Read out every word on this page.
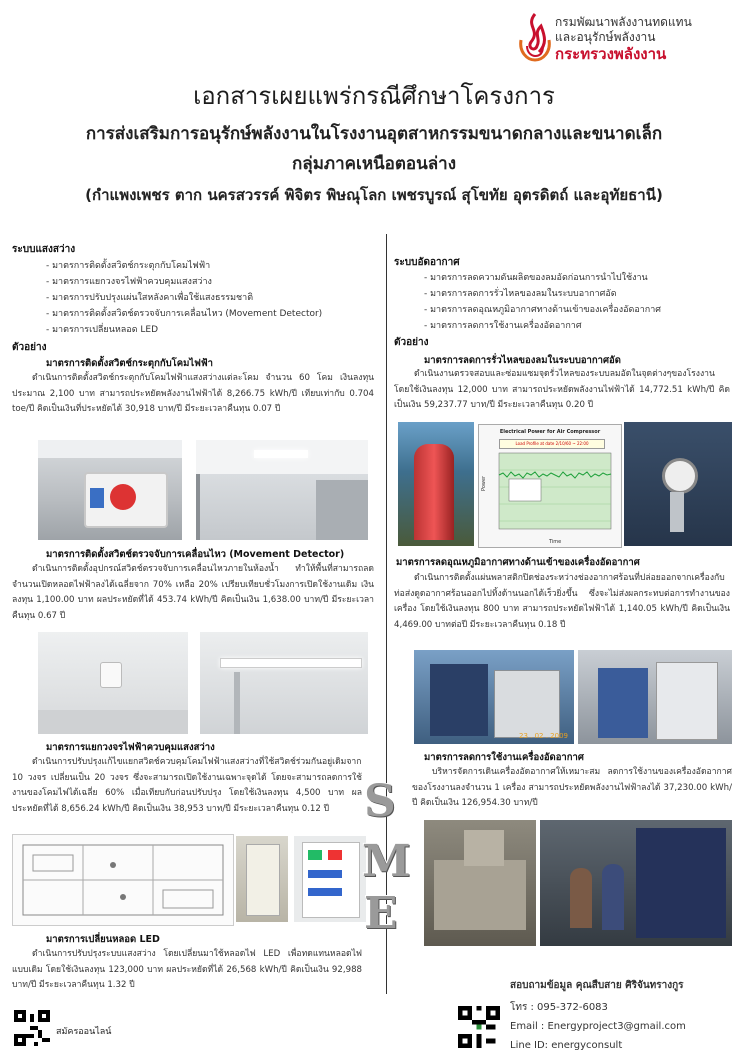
กรมพัฒนาพลังงานทดแทน
และอนุรักษ์พลังงาน
กระทรวงพลังงาน
เอกสารเผยแพร่กรณีศึกษาโครงการ
การส่งเสริมการอนุรักษ์พลังงานในโรงงานอุตสาหกรรมขนาดกลางและขนาดเล็ก
กลุ่มภาคเหนือตอนล่าง
(กำแพงเพชร ตาก นครสวรรค์ พิจิตร พิษณุโลก เพชรบูรณ์ สุโขทัย อุตรดิตถ์ และอุทัยธานี)
ระบบแสงสว่าง
- มาตรการติดตั้งสวิตช์กระตุกกับโคมไฟฟ้า
- มาตรการแยกวงจรไฟฟ้าควบคุมแสงสว่าง
- มาตรการปรับปรุงแผ่นใสหลังคาเพื่อใช้แสงธรรมชาติ
- มาตรการติดตั้งสวิตช์ตรวจจับการเคลื่อนไหว (Movement Detector)
- มาตรการเปลี่ยนหลอด LED
ตัวอย่าง
มาตรการติดตั้งสวิตช์กระตุกกับโคมไฟฟ้า
ดำเนินการติดตั้งสวิตช์กระตุกกับโคมไฟฟ้าแสงสว่างแต่ละโคม จำนวน 60 โคม เงินลงทุนประมาณ 2,100 บาท สามารถประหยัดพลังงานไฟฟ้าได้ 8,266.75 kWh/ปี เทียบเท่ากับ 0.704 toe/ปี คิดเป็นเงินที่ประหยัดได้ 30,918 บาท/ปี มีระยะเวลาคืนทุน 0.07 ปี
มาตรการติดตั้งสวิตช์ตรวจจับการเคลื่อนไหว (Movement Detector)
ดำเนินการติดตั้งอุปกรณ์สวิตช์ตรวจจับการเคลื่อนไหวภายในห้องน้ำ ทำให้พื้นที่สามารถลดจำนวนเปิดหลอดไฟฟ้าลงได้เฉลี่ยจาก 70% เหลือ 20% เปรียบเทียบชั่วโมงการเปิดใช้งานเดิม เงินลงทุน 1,100.00 บาท ผลประหยัดที่ได้ 453.74 kWh/ปี คิดเป็นเงิน 1,638.00 บาท/ปี มีระยะเวลาคืนทุน 0.67 ปี
มาตรการแยกวงจรไฟฟ้าควบคุมแสงสว่าง
ดำเนินการปรับปรุงแก้ไขแยกสวิตช์ควบคุมโคมไฟฟ้าแสงสว่างที่ใช้สวิตช์ร่วมกันอยู่เดิมจาก 10 วงจร เปลี่ยนเป็น 20 วงจร ซึ่งจะสามารถเปิดใช้งานเฉพาะจุดได้ โดยจะสามารถลดการใช้งานของโคมไฟได้เฉลี่ย 60% เมื่อเทียบกับก่อนปรับปรุง โดยใช้เงินลงทุน 4,500 บาท ผลประหยัดที่ได้ 8,656.24 kWh/ปี คิดเป็นเงิน 38,953 บาท/ปี มีระยะเวลาคืนทุน 0.12 ปี
มาตรการเปลี่ยนหลอด LED
ดำเนินการปรับปรุงระบบแสงสว่าง โดยเปลี่ยนมาใช้หลอดไฟ LED เพื่อทดแทนหลอดไฟแบบเดิม โดยใช้เงินลงทุน 123,000 บาท ผลประหยัดที่ได้ 26,568 kWh/ปี คิดเป็นเงิน 92,988 บาท/ปี มีระยะเวลาคืนทุน 1.32 ปี
สมัครออนไลน์
ระบบอัดอากาศ
- มาตรการลดความดันผลิตของลมอัดก่อนการนำไปใช้งาน
- มาตรการลดการรั่วไหลของลมในระบบอากาศอัด
- มาตรการลดอุณหภูมิอากาศทางด้านเข้าของเครื่องอัดอากาศ
- มาตรการลดการใช้งานเครื่องอัดอากาศ
ตัวอย่าง
มาตรการลดการรั่วไหลของลมในระบบอากาศอัด
ดำเนินงานตรวจสอบและซ่อมแซมจุดรั่วไหลของระบบลมอัดในจุดต่างๆของโรงงาน โดยใช้เงินลงทุน 12,000 บาท สามารถประหยัดพลังงานไฟฟ้าได้ 14,772.51 kWh/ปี คิดเป็นเงิน 59,237.77 บาท/ปี มีระยะเวลาคืนทุน 0.20 ปี
Electrical Power for Air Compressor
Load Profile at date 2/10/60 ~ 22:00
Power
Time
มาตรการลดอุณหภูมิอากาศทางด้านเข้าของเครื่องอัดอากาศ
ดำเนินการติดตั้งแผ่นพลาสติกปิดช่องระหว่างช่องอากาศร้อนที่ปล่อยออกจากเครื่องกับท่อส่งดูดอากาศร้อนออกไปทิ้งด้านนอกได้เร็วยิ่งขึ้น ซึ่งจะไม่ส่งผลกระทบต่อการทำงานของเครื่อง โดยใช้เงินลงทุน 800 บาท สามารถประหยัดไฟฟ้าได้ 1,140.05 kWh/ปี คิดเป็นเงิน 4,469.00 บาทต่อปี มีระยะเวลาคืนทุน 0.18 ปี
23 . 02 . 2009
มาตรการลดการใช้งานเครื่องอัดอากาศ
บริหารจัดการเดินเครื่องอัดอากาศให้เหมาะสม ลดการใช้งานของเครื่องอัดอากาศของโรงงานลงจำนวน 1 เครื่อง สามารถประหยัดพลังงานไฟฟ้าลงได้ 37,230.00 kWh/ปี คิดเป็นเงิน 126,954.30 บาท/ปี
S
M
E
สอบถามข้อมูล คุณสืบสาย ศิริจันทรางกูร
โทร : 095-372-6083
Email : Energyproject3@gmail.com
Line ID: energyconsult
